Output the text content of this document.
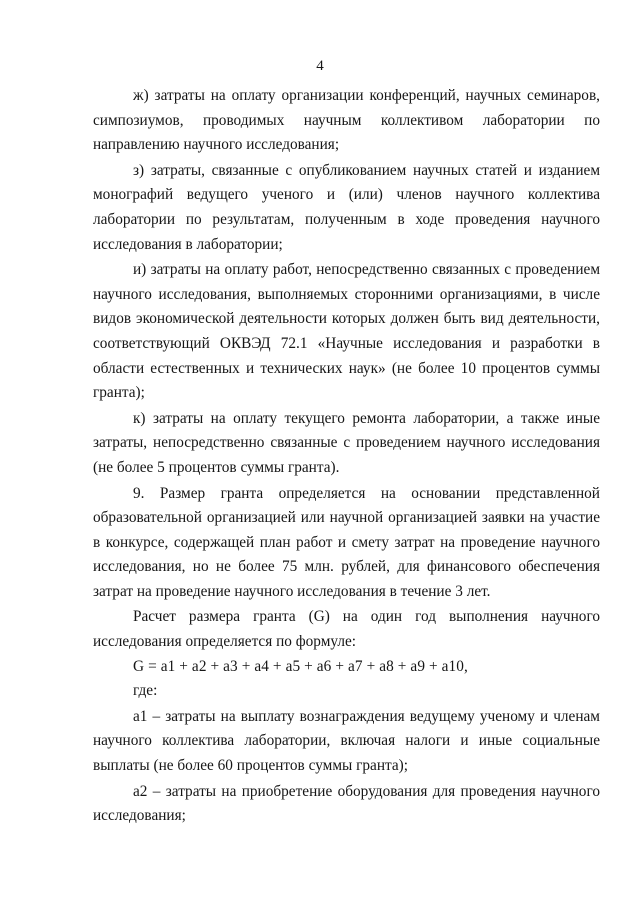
4

ж) затраты на оплату организации конференций, научных семинаров, симпозиумов, проводимых научным коллективом лаборатории по направлению научного исследования;

з) затраты, связанные с опубликованием научных статей и изданием монографий ведущего ученого и (или) членов научного коллектива лаборатории по результатам, полученным в ходе проведения научного исследования в лаборатории;

и) затраты на оплату работ, непосредственно связанных с проведением научного исследования, выполняемых сторонними организациями, в числе видов экономической деятельности которых должен быть вид деятельности, соответствующий ОКВЭД 72.1 «Научные исследования и разработки в области естественных и технических наук» (не более 10 процентов суммы гранта);

к) затраты на оплату текущего ремонта лаборатории, а также иные затраты, непосредственно связанные с проведением научного исследования (не более 5 процентов суммы гранта).

9. Размер гранта определяется на основании представленной образовательной организацией или научной организацией заявки на участие в конкурсе, содержащей план работ и смету затрат на проведение научного исследования, но не более 75 млн. рублей, для финансового обеспечения затрат на проведение научного исследования в течение 3 лет.

Расчет размера гранта (G) на один год выполнения научного исследования определяется по формуле:

G = a1 + a2 + a3 + a4 + a5 + a6 + a7 + a8 + a9 + a10,

где:

a1 – затраты на выплату вознаграждения ведущему ученому и членам научного коллектива лаборатории, включая налоги и иные социальные выплаты (не более 60 процентов суммы гранта);

a2 – затраты на приобретение оборудования для проведения научного исследования;
